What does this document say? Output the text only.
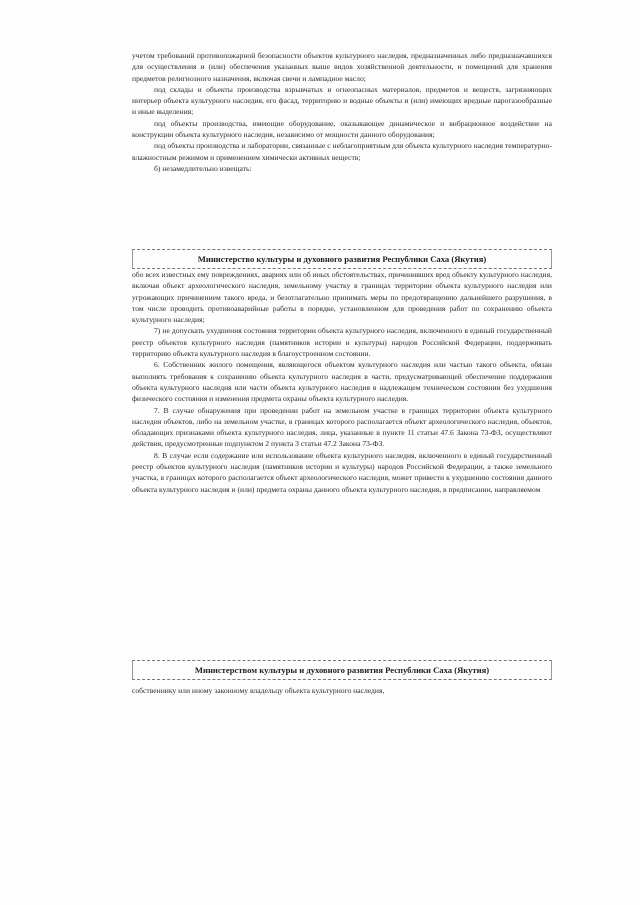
учетом требований противопожарной безопасности объектов культурного наследия, предназначенных либо предназначавшихся для осуществления и (или) обеспечения указанных выше видов хозяйственной деятельности, и помещений для хранения предметов религиозного назначения, включая свечи и лампадное масло;

под склады и объекты производства взрывчатых и огнеопасных материалов, предметов и веществ, загрязняющих интерьер объекта культурного наследия, его фасад, территорию и водные объекты и (или) имеющих вредные парогазообразные и иные выделения;

под объекты производства, имеющие оборудование, оказывающее динамическое и вибрационное воздействие на конструкции объекта культурного наследия, независимо от мощности данного оборудования;

под объекты производства и лаборатории, связанные с неблагоприятным для объекта культурного наследия температурно-влажностным режимом и применением химически активных веществ;

б) незамедлительно извещать:

Министерство культуры и духовного развития Республики Саха (Якутия)

обо всех известных ему повреждениях, авариях или об иных обстоятельствах, причинивших вред объекту культурного наследия, включая объект археологического наследия, земельному участку в границах территории объекта культурного наследия или угрожающих причинением такого вреда, и безотлагательно принимать меры по предотвращению дальнейшего разрушения, в том числе проводить противоаварийные работы в порядке, установленном для проведения работ по сохранению объекта культурного наследия;

7) не допускать ухудшения состояния территории объекта культурного наследия, включенного в единый государственный реестр объектов культурного наследия (памятников истории и культуры) народов Российской Федерации, поддерживать территорию объекта культурного наследия в благоустроенном состоянии.

6. Собственник жилого помещения, являющегося объектом культурного наследия или частью такого объекта, обязан выполнять требования к сохранению объекта культурного наследия в части, предусматривающей обеспечение поддержания объекта культурного наследия или части объекта культурного наследия в надлежащем техническом состоянии без ухудшения физического состояния и изменения предмета охраны объекта культурного наследия.

7. В случае обнаружения при проведении работ на земельном участке в границах территории объекта культурного наследия объектов, либо на земельном участке, в границах которого располагается объект археологического наследия, объектов, обладающих признаками объекта культурного наследия, лица, указанные в пункте 11 статьи 47.6 Закона 73-ФЗ, осуществляют действия, предусмотренные подпунктом 2 пункта 3 статьи 47.2 Закона 73-ФЗ.

8. В случае если содержание или использование объекта культурного наследия, включенного в единый государственный реестр объектов культурного наследия (памятников истории и культуры) народов Российской Федерации, а также земельного участка, в границах которого располагается объект археологического наследия, может привести к ухудшению состояния данного объекта культурного наследия и (или) предмета охраны данного объекта культурного наследия, в предписании, направляемом

Министерством культуры и духовного развития Республики Саха (Якутия)

собственнику или иному законному владельцу объекта культурного наследия,
